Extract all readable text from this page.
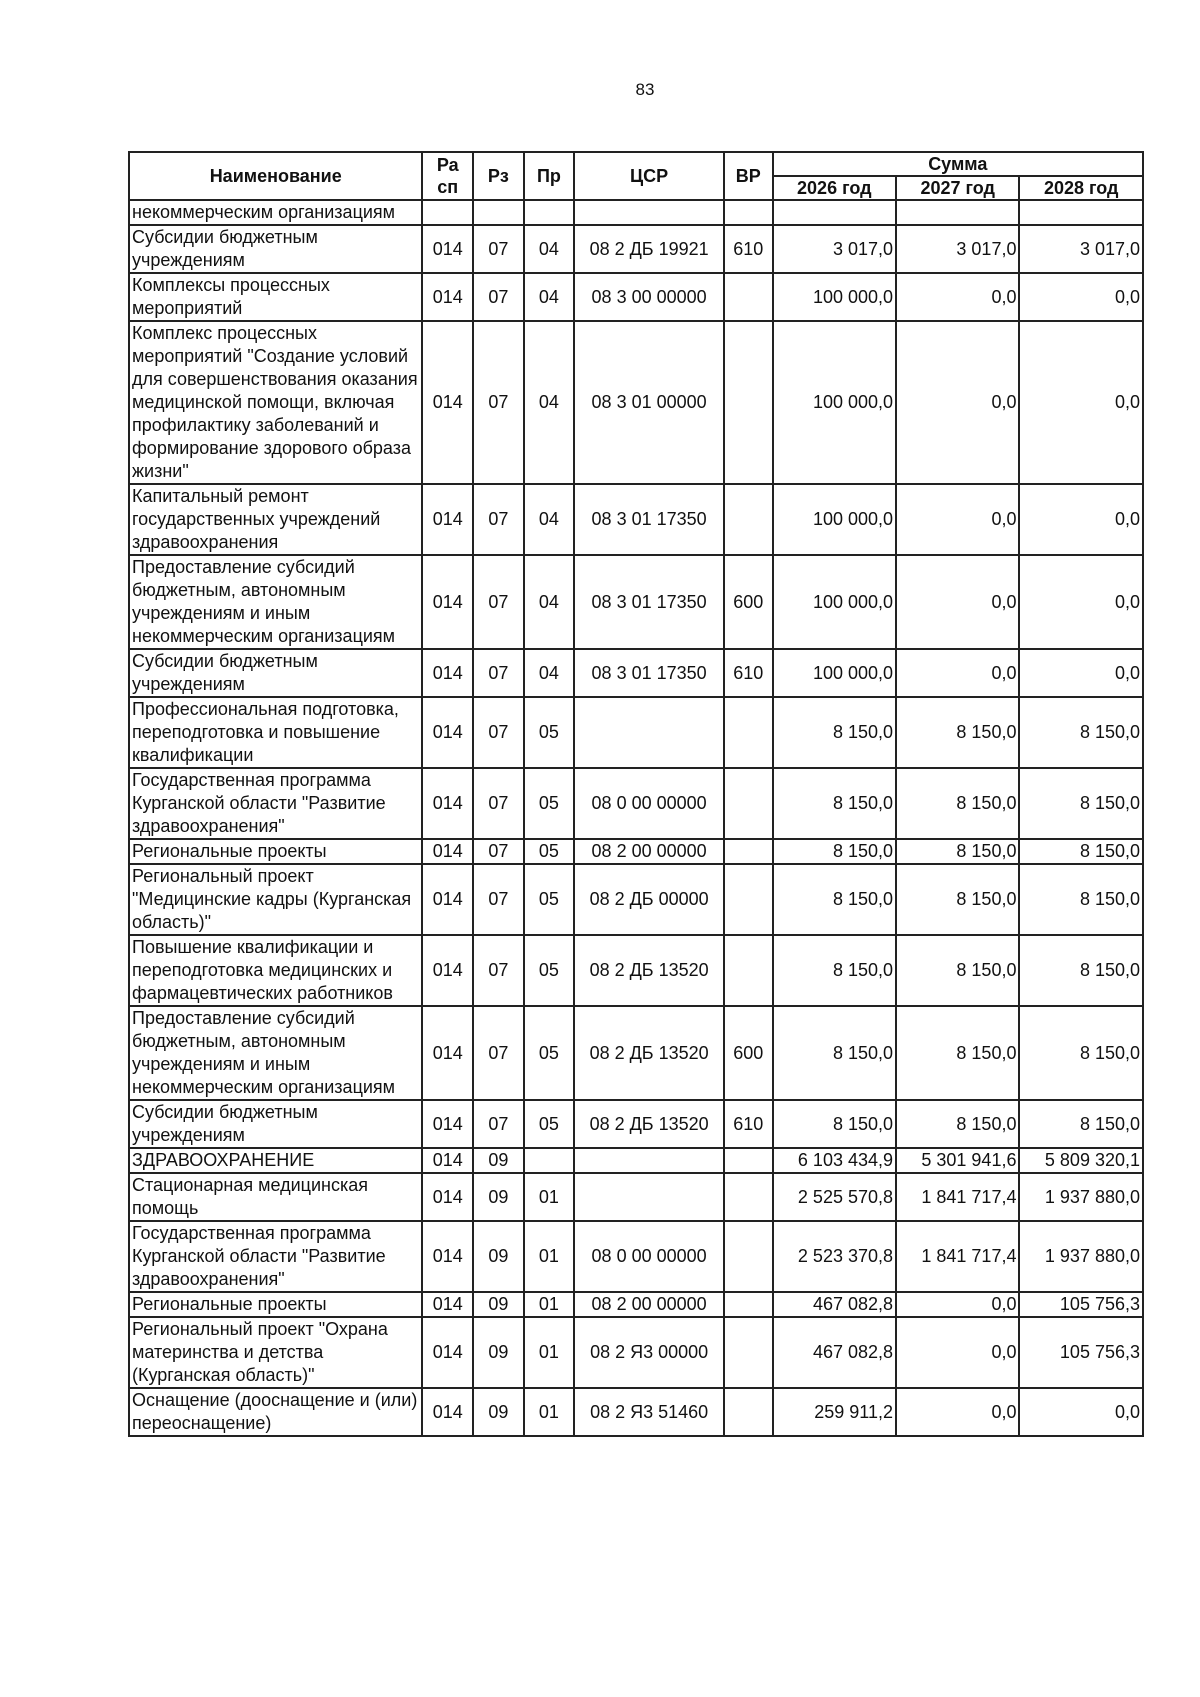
83
Наименование	Ра сп	Рз	Пр	ЦСР	ВР	Сумма		
						2026 год	2027 год	2028 год
некоммерческим организациям								
Субсидии бюджетным учреждениям	014	07	04	08 2 ДБ 19921	610	3 017,0	3 017,0	3 017,0
Комплексы процессных мероприятий	014	07	04	08 3 00 00000		100 000,0	0,0	0,0
Комплекс процессных мероприятий "Создание условий для совершенствования оказания медицинской помощи, включая профилактику заболеваний и формирование здорового образа жизни"	014	07	04	08 3 01 00000		100 000,0	0,0	0,0
Капитальный ремонт государственных учреждений здравоохранения	014	07	04	08 3 01 17350		100 000,0	0,0	0,0
Предоставление субсидий бюджетным, автономным учреждениям и иным некоммерческим организациям	014	07	04	08 3 01 17350	600	100 000,0	0,0	0,0
Субсидии бюджетным учреждениям	014	07	04	08 3 01 17350	610	100 000,0	0,0	0,0
Профессиональная подготовка, переподготовка и повышение квалификации	014	07	05			8 150,0	8 150,0	8 150,0
Государственная программа Курганской области "Развитие здравоохранения"	014	07	05	08 0 00 00000		8 150,0	8 150,0	8 150,0
Региональные проекты	014	07	05	08 2 00 00000		8 150,0	8 150,0	8 150,0
Региональный проект "Медицинские кадры (Курганская область)"	014	07	05	08 2 ДБ 00000		8 150,0	8 150,0	8 150,0
Повышение квалификации и переподготовка медицинских и фармацевтических работников	014	07	05	08 2 ДБ 13520		8 150,0	8 150,0	8 150,0
Предоставление субсидий бюджетным, автономным учреждениям и иным некоммерческим организациям	014	07	05	08 2 ДБ 13520	600	8 150,0	8 150,0	8 150,0
Субсидии бюджетным учреждениям	014	07	05	08 2 ДБ 13520	610	8 150,0	8 150,0	8 150,0
ЗДРАВООХРАНЕНИЕ	014	09				6 103 434,9	5 301 941,6	5 809 320,1
Стационарная медицинская помощь	014	09	01			2 525 570,8	1 841 717,4	1 937 880,0
Государственная программа Курганской области "Развитие здравоохранения"	014	09	01	08 0 00 00000		2 523 370,8	1 841 717,4	1 937 880,0
Региональные проекты	014	09	01	08 2 00 00000		467 082,8	0,0	105 756,3
Региональный проект "Охрана материнства и детства (Курганская область)"	014	09	01	08 2 Я3 00000		467 082,8	0,0	105 756,3
Оснащение (дооснащение и (или) переоснащение)	014	09	01	08 2 Я3 51460		259 911,2	0,0	0,0
